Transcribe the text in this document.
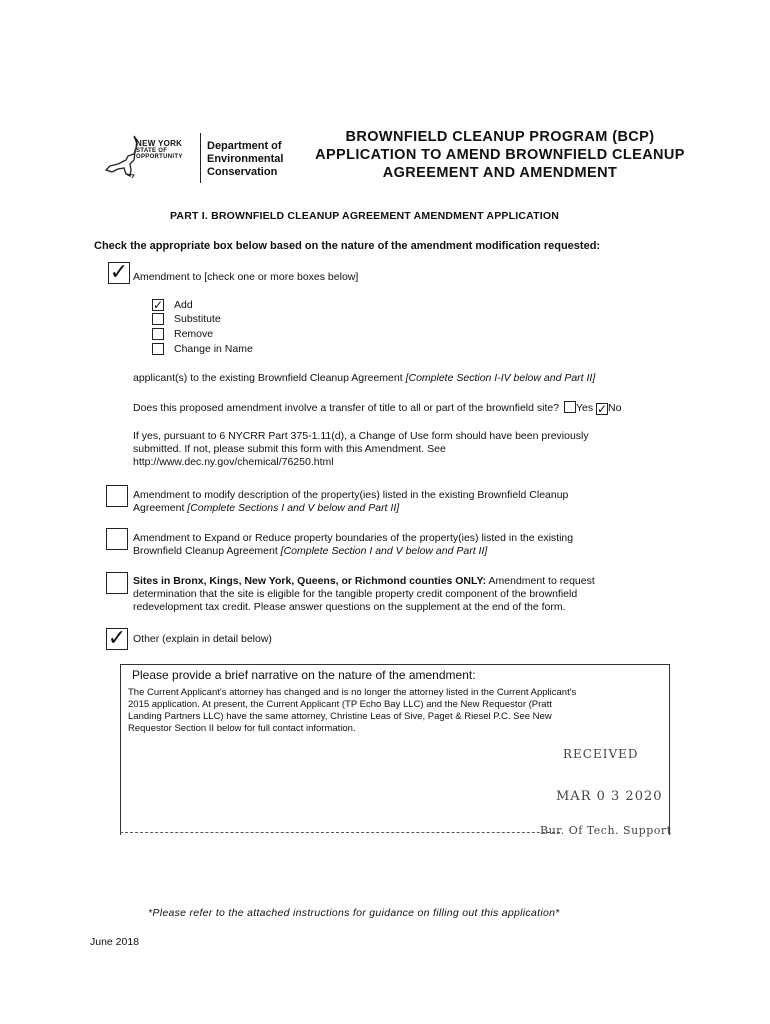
NEW YORK
STATE OF
OPPORTUNITY
Department of
Environmental
Conservation
BROWNFIELD CLEANUP PROGRAM (BCP)
APPLICATION TO AMEND BROWNFIELD CLEANUP
AGREEMENT AND AMENDMENT
PART I. BROWNFIELD CLEANUP AGREEMENT AMENDMENT APPLICATION
Check the appropriate box below based on the nature of the amendment modification requested:
✓ Amendment to [check one or more boxes below]
✓ Add
Substitute
Remove
Change in Name
applicant(s) to the existing Brownfield Cleanup Agreement [Complete Section I-IV below and Part II]
Does this proposed amendment involve a transfer of title to all or part of the brownfield site? Yes ✓ No
If yes, pursuant to 6 NYCRR Part 375-1.11(d), a Change of Use form should have been previously
submitted. If not, please submit this form with this Amendment. See
http://www.dec.ny.gov/chemical/76250.html
Amendment to modify description of the property(ies) listed in the existing Brownfield Cleanup
Agreement [Complete Sections I and V below and Part II]
Amendment to Expand or Reduce property boundaries of the property(ies) listed in the existing
Brownfield Cleanup Agreement [Complete Section I and V below and Part II]
Sites in Bronx, Kings, New York, Queens, or Richmond counties ONLY: Amendment to request
determination that the site is eligible for the tangible property credit component of the brownfield
redevelopment tax credit. Please answer questions on the supplement at the end of the form.
✓ Other (explain in detail below)
Please provide a brief narrative on the nature of the amendment:
The Current Applicant's attorney has changed and is no longer the attorney listed in the Current Applicant's
2015 application. At present, the Current Applicant (TP Echo Bay LLC) and the New Requestor (Pratt
Landing Partners LLC) have the same attorney, Christine Leas of Sive, Paget & Riesel P.C. See New
Requestor Section II below for full contact information.
RECEIVED
MAR 0 3 2020
Bur. Of Tech. Support
*Please refer to the attached instructions for guidance on filling out this application*
June 2018
